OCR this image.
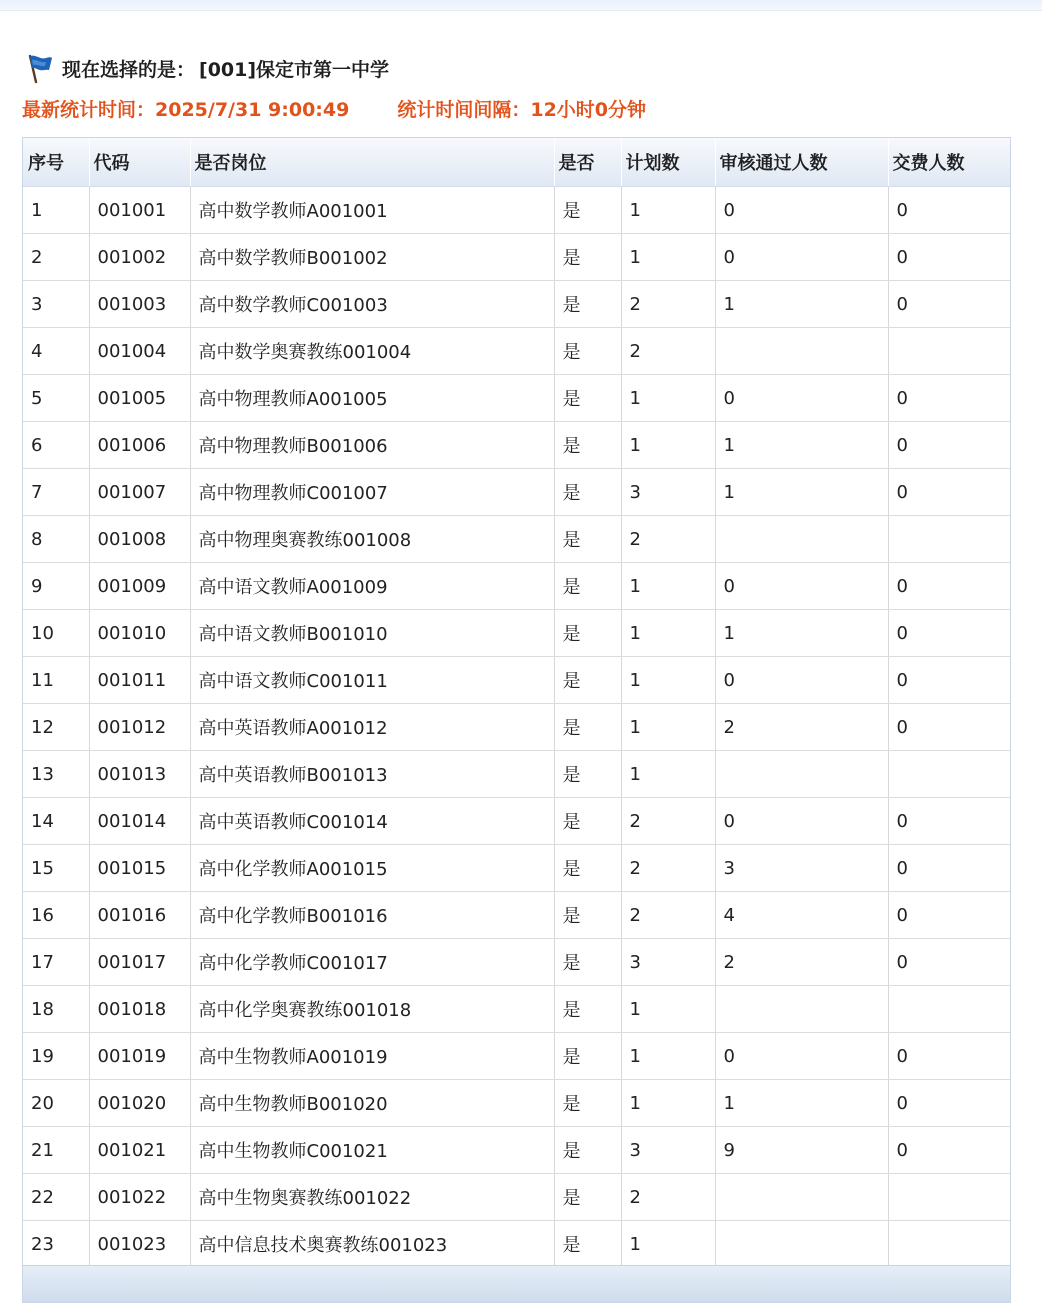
现在选择的是： [001]保定市第一中学
最新统计时间：2025/7/31 9:00:49	统计时间间隔：12小时0分钟
序号	代码	是否岗位	是否	计划数	审核通过人数	交费人数
1	001001	高中数学教师A001001	是	1	0	0
2	001002	高中数学教师B001002	是	1	0	0
3	001003	高中数学教师C001003	是	2	1	0
4	001004	高中数学奥赛教练001004	是	2		
5	001005	高中物理教师A001005	是	1	0	0
6	001006	高中物理教师B001006	是	1	1	0
7	001007	高中物理教师C001007	是	3	1	0
8	001008	高中物理奥赛教练001008	是	2		
9	001009	高中语文教师A001009	是	1	0	0
10	001010	高中语文教师B001010	是	1	1	0
11	001011	高中语文教师C001011	是	1	0	0
12	001012	高中英语教师A001012	是	1	2	0
13	001013	高中英语教师B001013	是	1		
14	001014	高中英语教师C001014	是	2	0	0
15	001015	高中化学教师A001015	是	2	3	0
16	001016	高中化学教师B001016	是	2	4	0
17	001017	高中化学教师C001017	是	3	2	0
18	001018	高中化学奥赛教练001018	是	1		
19	001019	高中生物教师A001019	是	1	0	0
20	001020	高中生物教师B001020	是	1	1	0
21	001021	高中生物教师C001021	是	3	9	0
22	001022	高中生物奥赛教练001022	是	2		
23	001023	高中信息技术奥赛教练001023	是	1		
